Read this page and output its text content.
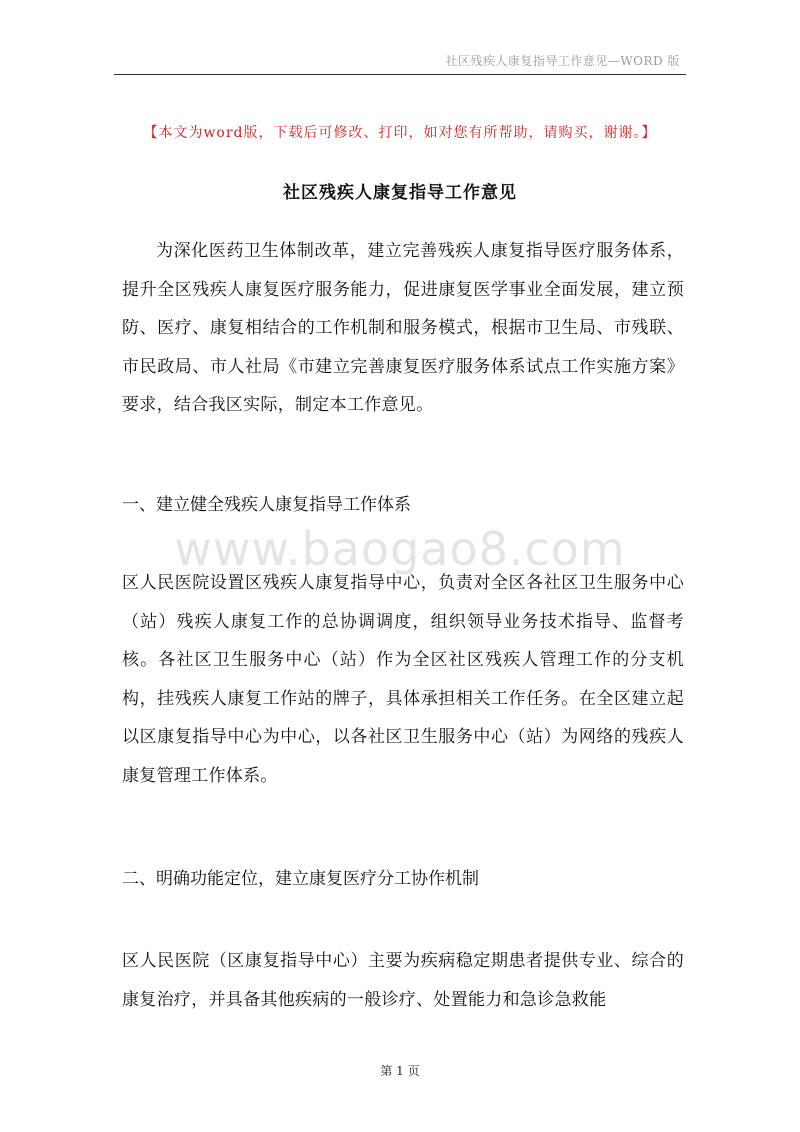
社区残疾人康复指导工作意见—WORD 版
【本文为word版，下载后可修改、打印，如对您有所帮助，请购买，谢谢。】
社区残疾人康复指导工作意见
为深化医药卫生体制改革，建立完善残疾人康复指导医疗服务体系，提升全区残疾人康复医疗服务能力，促进康复医学事业全面发展，建立预防、医疗、康复相结合的工作机制和服务模式，根据市卫生局、市残联、市民政局、市人社局《市建立完善康复医疗服务体系试点工作实施方案》要求，结合我区实际，制定本工作意见。
一、建立健全残疾人康复指导工作体系
www.baogao8.com
区人民医院设置区残疾人康复指导中心，负责对全区各社区卫生服务中心（站）残疾人康复工作的总协调调度，组织领导业务技术指导、监督考核。各社区卫生服务中心（站）作为全区社区残疾人管理工作的分支机构，挂残疾人康复工作站的牌子，具体承担相关工作任务。在全区建立起以区康复指导中心为中心，以各社区卫生服务中心（站）为网络的残疾人康复管理工作体系。
二、明确功能定位，建立康复医疗分工协作机制
区人民医院（区康复指导中心）主要为疾病稳定期患者提供专业、综合的康复治疗，并具备其他疾病的一般诊疗、处置能力和急诊急救能
第 1 页
